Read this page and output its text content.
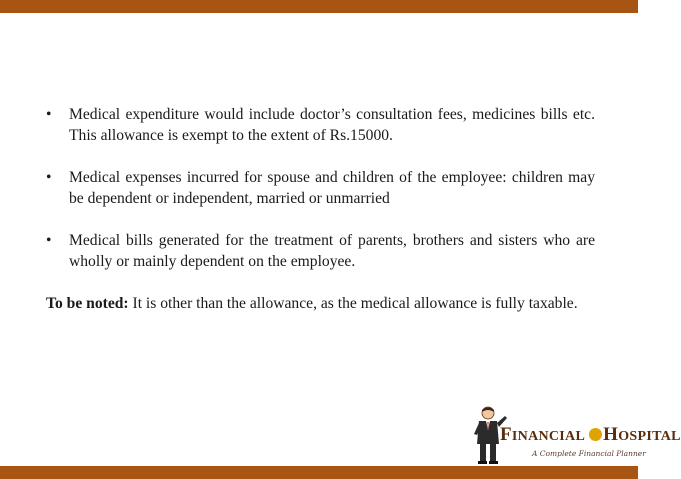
• Medical expenditure would include doctor’s consultation fees, medicines bills etc. This allowance is exempt to the extent of Rs.15000.
• Medical expenses incurred for spouse and children of the employee: children may be dependent or independent, married or unmarried
• Medical bills generated for the treatment of parents, brothers and sisters who are wholly or mainly dependent on the employee.
To be noted: It is other than the allowance, as the medical allowance is fully taxable.
FINANCIAL HOSPITAL
A Complete Financial Planner
